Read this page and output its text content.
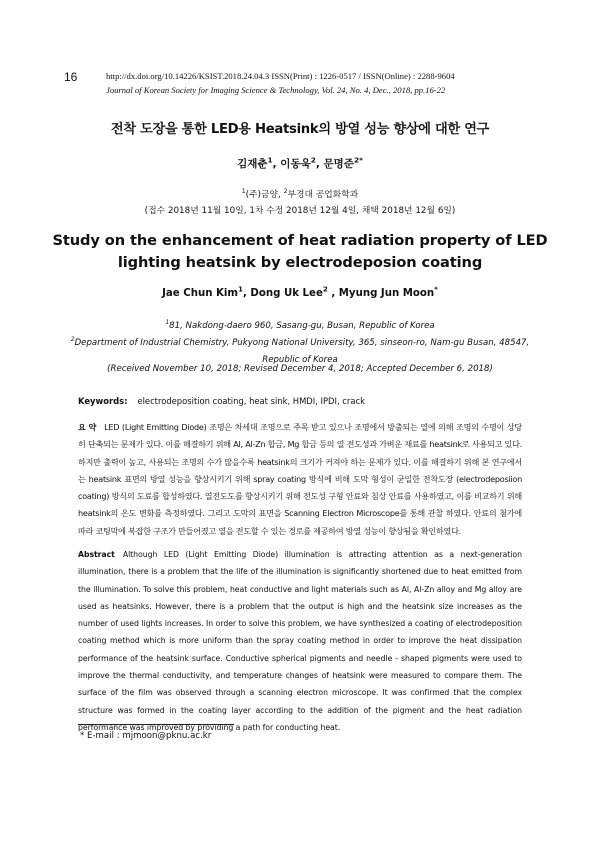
16	http://dx.doi.org/10.14226/KSIST.2018.24.04.3 ISSN(Print) : 1226-0517 / ISSN(Online) : 2288-9604
Journal of Korean Society for Imaging Science & Technology, Vol. 24, No. 4, Dec., 2018, pp.16-22
전착 도장을 통한 LED용 Heatsink의 방열 성능 향상에 대한 연구
김재춘$^1$, 이동욱$^2$, 문명준$^{2*}$
$^1$(주)금양, $^2$부경대 공업화학과
(접수 2018년 11월 10일, 1차 수정 2018년 12월 4일, 채택 2018년 12월 6일)
Study on the enhancement of heat radiation property of LED lighting heatsink by electrodeposion coating
Jae Chun Kim$^1$, Dong Uk Lee$^2$ , Myung Jun Moon*
$^1$81, Nakdong-daero 960, Sasang-gu, Busan, Republic of Korea
$^2$Department of Industrial Chemistry, Pukyong National University, 365, sinseon-ro, Nam-gu Busan, 48547, Republic of Korea
(Received November 10, 2018; Revised December 4, 2018; Accepted December 6, 2018)
Keywords: electrodeposition coating, heat sink, HMDI, IPDI, crack
요 약 LED (Light Emitting Diode) 조명은 차세대 조명으로 주목 받고 있으나 조명에서 방출되는 열에 의해 조명의 수명이 상당히 단축되는 문제가 있다. 이를 해결하기 위해 Al, Al-Zn 합금, Mg 합금 등의 열 전도성과 가벼운 재료를 heatsink로 사용되고 있다. 하지만 출력이 높고, 사용되는 조명의 수가 많을수록 heatsink의 크기가 커져야 하는 문제가 있다. 이를 해결하기 위해 본 연구에서는 heatsink 표면의 방열 성능을 향상시키기 위해 spray coating 방식에 비해 도막 형성이 균일한 전착도장 (electrodeposiion coating) 방식의 도료를 합성하였다. 열전도도를 향상시키기 위해 전도성 구형 안료와 침상 안료를 사용하였고, 이를 비교하기 위해 heatsink의 온도 변화를 측정하였다. 그리고 도막의 표면을 Scanning Electron Microscope를 통해 관찰 하였다. 안료의 첨가에 따라 코팅막에 복잡한 구조가 만들어졌고 열을 전도할 수 있는 경로를 제공하여 방열 성능이 향상됨을 확인하였다.
Abstract Although LED (Light Emitting Diode) illumination is attracting attention as a next-generation illumination, there is a problem that the life of the illumination is significantly shortened due to heat emitted from the illumination. To solve this problem, heat conductive and light materials such as Al, Al-Zn alloy and Mg alloy are used as heatsinks. However, there is a problem that the output is high and the heatsink size increases as the number of used lights increases. In order to solve this problem, we have synthesized a coating of electrodeposition coating method which is more uniform than the spray coating method in order to improve the heat dissipation performance of the heatsink surface. Conductive spherical pigments and needle - shaped pigments were used to improve the thermal conductivity, and temperature changes of heatsink were measured to compare them. The surface of the film was observed through a scanning electron microscope. It was confirmed that the complex structure was formed in the coating layer according to the addition of the pigment and the heat radiation performance was improved by providing a path for conducting heat.
* E-mail : mjmoon@pknu.ac.kr
